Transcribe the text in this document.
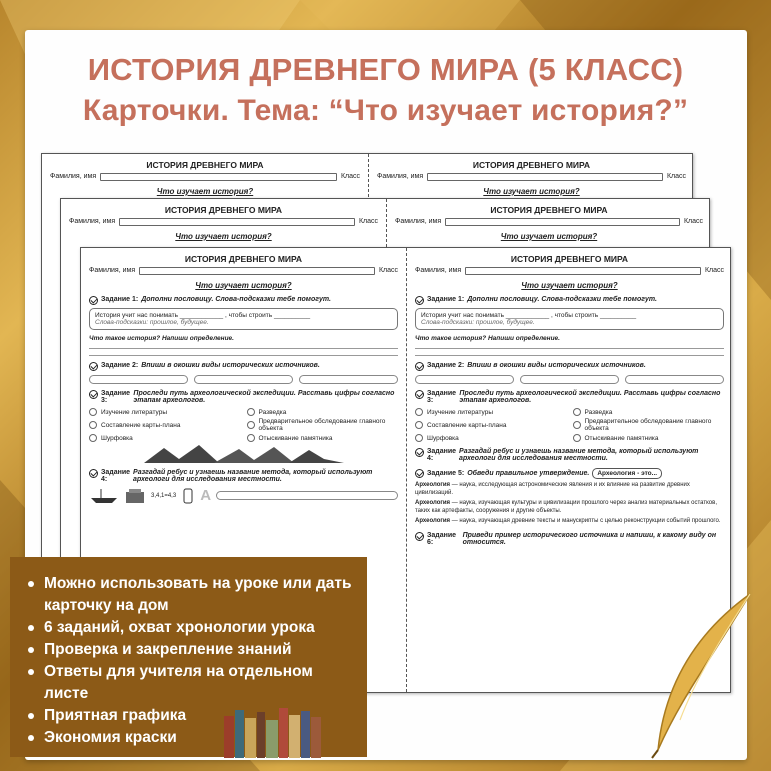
ИСТОРИЯ ДРЕВНЕГО МИРА (5 КЛАСС)
Карточки. Тема: “Что изучает история?”
ИСТОРИЯ ДРЕВНЕГО МИРА
Фамилия, имя	Класс
Что изучает история?
ИСТОРИЯ ДРЕВНЕГО МИРА
Фамилия, имя	Класс
Что изучает история?
ИСТОРИЯ ДРЕВНЕГО МИРА
Фамилия, имя	Класс
Что изучает история?
ИСТОРИЯ ДРЕВНЕГО МИРА
Фамилия, имя	Класс
Что изучает история?
ИСТОРИЯ ДРЕВНЕГО МИРА
Фамилия, имя	Класс
Что изучает история?
Задание 1: Дополни пословицу. Слова-подсказки тебе помогут.
История учит нас понимать ____________ , чтобы строить __________
Слова-подсказки: прошлое, будущее.
Что такое история? Напиши определение.
Задание 2: Впиши в окошки виды исторических источников.
Задание 3:
Проследи путь археологической экспедиции. Расставь цифры согласно этапам археологов.
Изучение литературы	Разведка
Составление карты-плана	Предварительное обследование главного объекта
Шурфовка	Отыскивание памятника
Задание 4:
Разгадай ребус и узнаешь название метода, который используют археологи для исследования местности.
3,4,1=4,3 А
ИСТОРИЯ ДРЕВНЕГО МИРА
Фамилия, имя	Класс
Что изучает история?
Задание 1: Дополни пословицу. Слова-подсказки тебе помогут.
История учит нас понимать ____________ , чтобы строить __________
Слова-подсказки: прошлое, будущее.
Что такое история? Напиши определение.
Задание 2: Впиши в окошки виды исторических источников.
Задание 3:
Проследи путь археологической экспедиции. Расставь цифры согласно этапам археологов.
Изучение литературы	Разведка
Составление карты-плана	Предварительное обследование главного объекта
Шурфовка	Отыскивание памятника
Задание 4:
Разгадай ребус и узнаешь название метода, который используют археологи для исследования местности.
Задание 5: Обведи правильное утверждение.	Археология - это...
Археология — наука, исследующая астрономические явления и их влияние на развитие древних цивилизаций.
Археология — наука, изучающая культуры и цивилизации прошлого через анализ материальных остатков, таких как артефакты, сооружения и другие объекты.
Археология — наука, изучающая древние тексты и манускрипты с целью реконструкции событий прошлого.
Задание 6:
Приведи пример исторического источника и напиши, к какому виду он относится.
Можно использовать на уроке или дать карточку на дом
6 заданий, охват хронологии урока
Проверка и закрепление знаний
Ответы для учителя на отдельном листе
Приятная графика
Экономия краски
